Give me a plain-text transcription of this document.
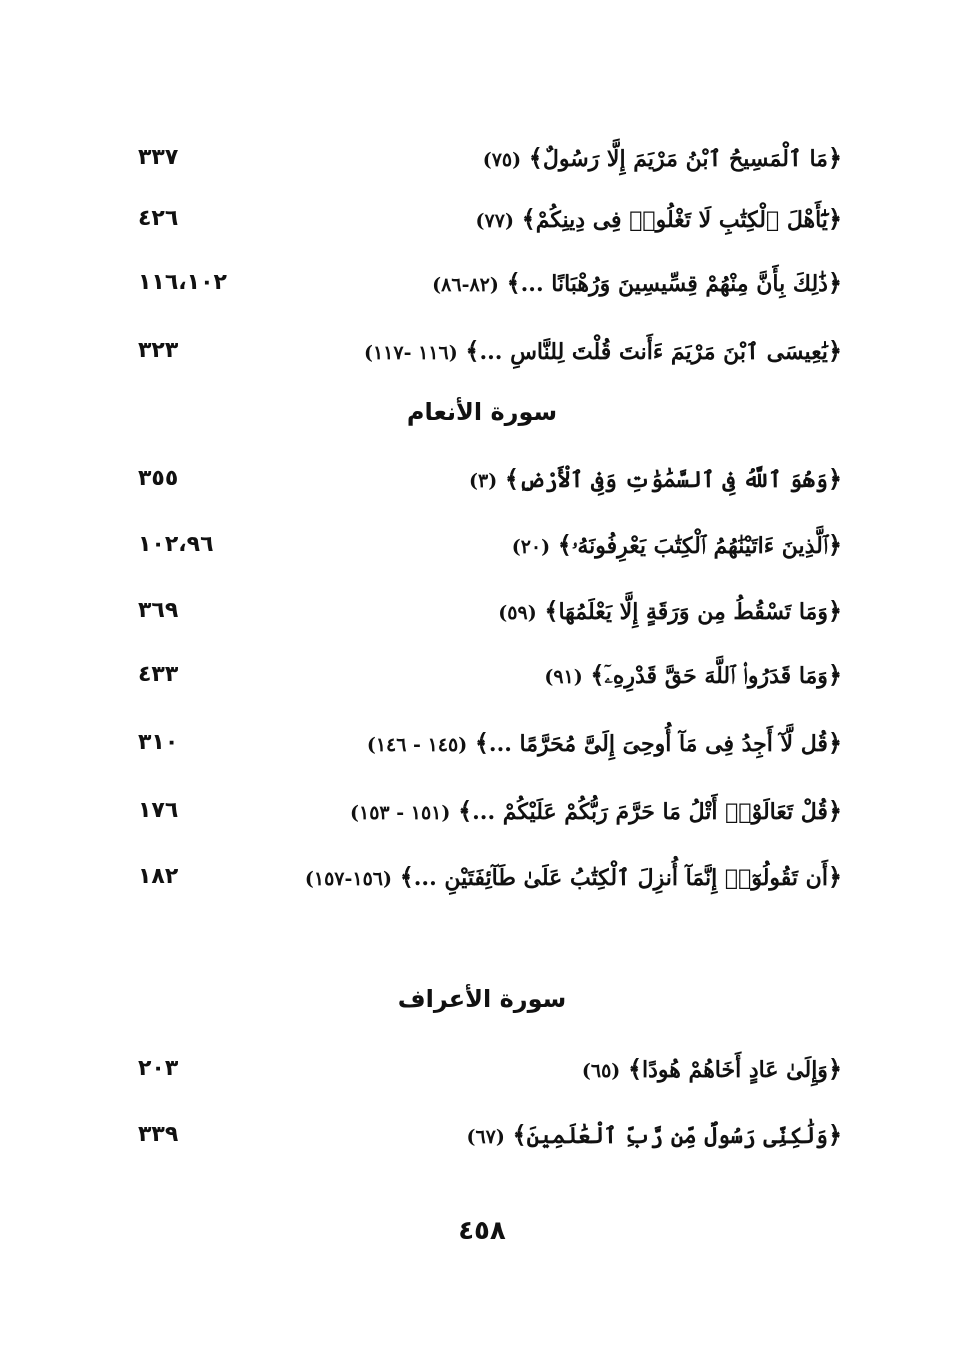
﴿مَا ٱلْمَسِيحُ ٱبْنُ مَرْيَمَ إِلَّا رَسُولٌ﴾ (٧٥)
٣٣٧
﴿يَٰٓأَهْلَ ٱلْكِتَٰبِ لَا تَغْلُوا۟ فِى دِينِكُمْ﴾ (٧٧)
٤٢٦
﴿ذَٰلِكَ بِأَنَّ مِنْهُمْ قِسِّيسِينَ وَرُهْبَانًا ...﴾ (٨٢-٨٦)
١١٦،١٠٢
﴿يَٰعِيسَى ٱبْنَ مَرْيَمَ ءَأَنتَ قُلْتَ لِلنَّاسِ ...﴾ (١١٦ -١١٧)
٣٢٣
سورة الأنعام
﴿وَهُوَ ٱللَّهُ فِى ٱلسَّمَٰوَٰتِ وَفِى ٱلْأَرْضِ﴾ (٣)
٣٥٥
﴿ٱلَّذِينَ ءَاتَيْنَٰهُمُ ٱلْكِتَٰبَ يَعْرِفُونَهُۥ﴾ (٢٠)
١٠٢،٩٦
﴿وَمَا تَسْقُطُ مِن وَرَقَةٍ إِلَّا يَعْلَمُهَا﴾ (٥٩)
٣٦٩
﴿وَمَا قَدَرُوا۟ ٱللَّهَ حَقَّ قَدْرِهِۦٓ﴾ (٩١)
٤٣٣
﴿قُل لَّآ أَجِدُ فِى مَآ أُوحِىَ إِلَىَّ مُحَرَّمًا ...﴾ (١٤٥ - ١٤٦)
٣١٠
﴿قُلْ تَعَالَوْا۟ أَتْلُ مَا حَرَّمَ رَبُّكُمْ عَلَيْكُمْ ...﴾ (١٥١ - ١٥٣)
١٧٦
﴿أَن تَقُولُوٓا۟ إِنَّمَآ أُنزِلَ ٱلْكِتَٰبُ عَلَىٰ طَآئِفَتَيْنِ ...﴾ (١٥٦-١٥٧)
١٨٢
سورة الأعراف
﴿وَإِلَىٰ عَادٍ أَخَاهُمْ هُودًا﴾ (٦٥)
٢٠٣
﴿وَلَٰكِنِّى رَسُولٌ مِّن رَّبِّ ٱلْعَٰلَمِينَ﴾ (٦٧)
٣٣٩
٤٥٨
